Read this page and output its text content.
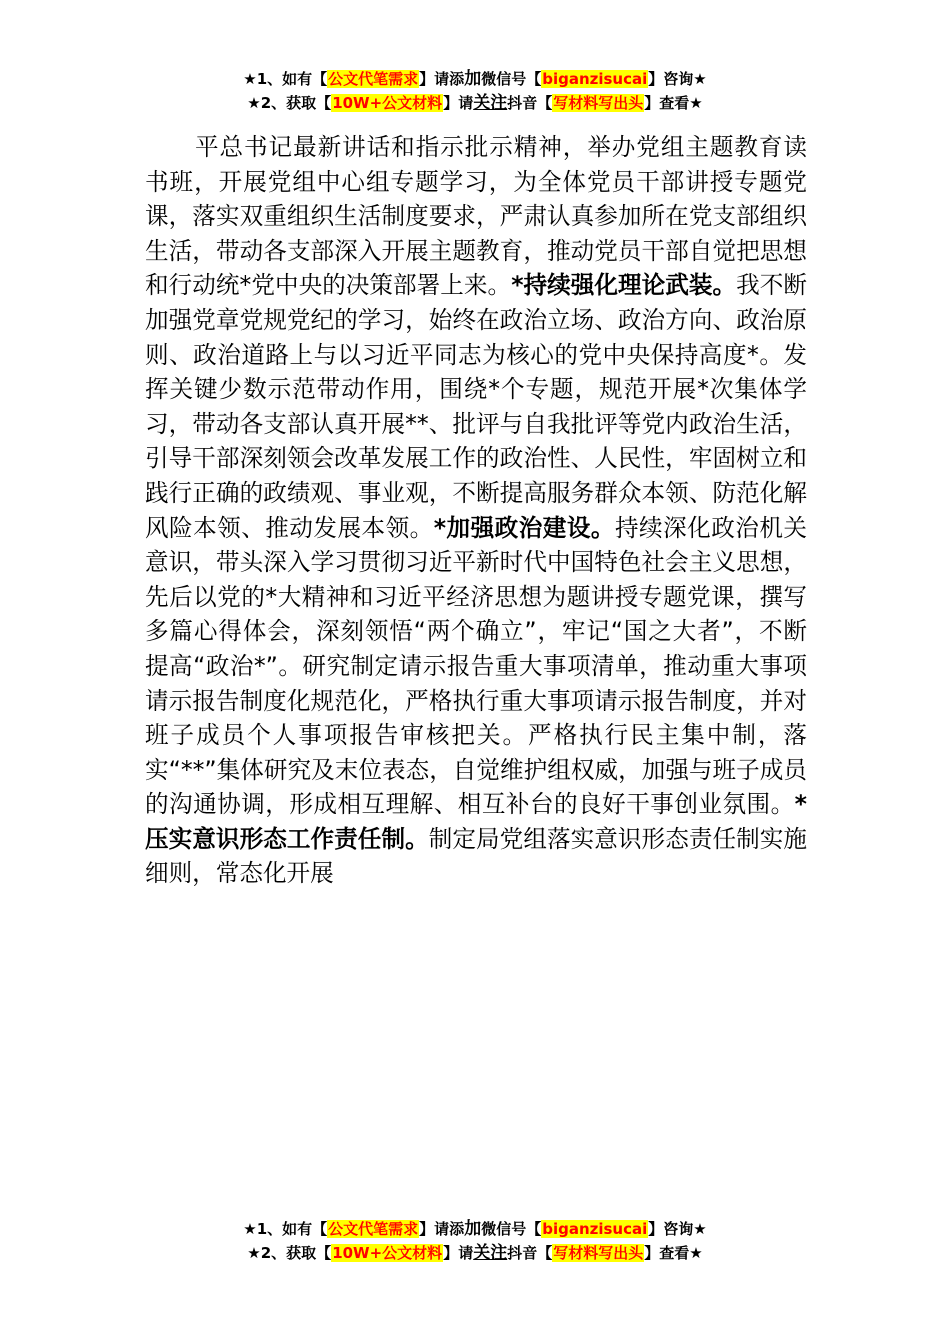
★1、如有【公文代笔需求】请添加微信号【biganzisucai】咨询★
★2、获取【10W+公文材料】请关注抖音【写材料写出头】查看★

平总书记最新讲话和指示批示精神，举办党组主题教育读书班，开展党组中心组专题学习，为全体党员干部讲授专题党课，落实双重组织生活制度要求，严肃认真参加所在党支部组织生活，带动各支部深入开展主题教育，推动党员干部自觉把思想和行动统*党中央的决策部署上来。*持续强化理论武装。我不断加强党章党规党纪的学习，始终在政治立场、政治方向、政治原则、政治道路上与以习近平同志为核心的党中央保持高度*。发挥关键少数示范带动作用，围绕*个专题，规范开展*次集体学习，带动各支部认真开展**、批评与自我批评等党内政治生活，引导干部深刻领会改革发展工作的政治性、人民性，牢固树立和践行正确的政绩观、事业观，不断提高服务群众本领、防范化解风险本领、推动发展本领。*加强政治建设。持续深化政治机关意识，带头深入学习贯彻习近平新时代中国特色社会主义思想，先后以党的*大精神和习近平经济思想为题讲授专题党课，撰写多篇心得体会，深刻领悟“两个确立”，牢记“国之大者”，不断提高“政治*”。研究制定请示报告重大事项清单，推动重大事项请示报告制度化规范化，严格执行重大事项请示报告制度，并对班子成员个人事项报告审核把关。严格执行民主集中制，落实“**”集体研究及末位表态，自觉维护组权威，加强与班子成员的沟通协调，形成相互理解、相互补台的良好干事创业氛围。*压实意识形态工作责任制。制定局党组落实意识形态责任制实施细则，常态化开展

★1、如有【公文代笔需求】请添加微信号【biganzisucai】咨询★
★2、获取【10W+公文材料】请关注抖音【写材料写出头】查看★
